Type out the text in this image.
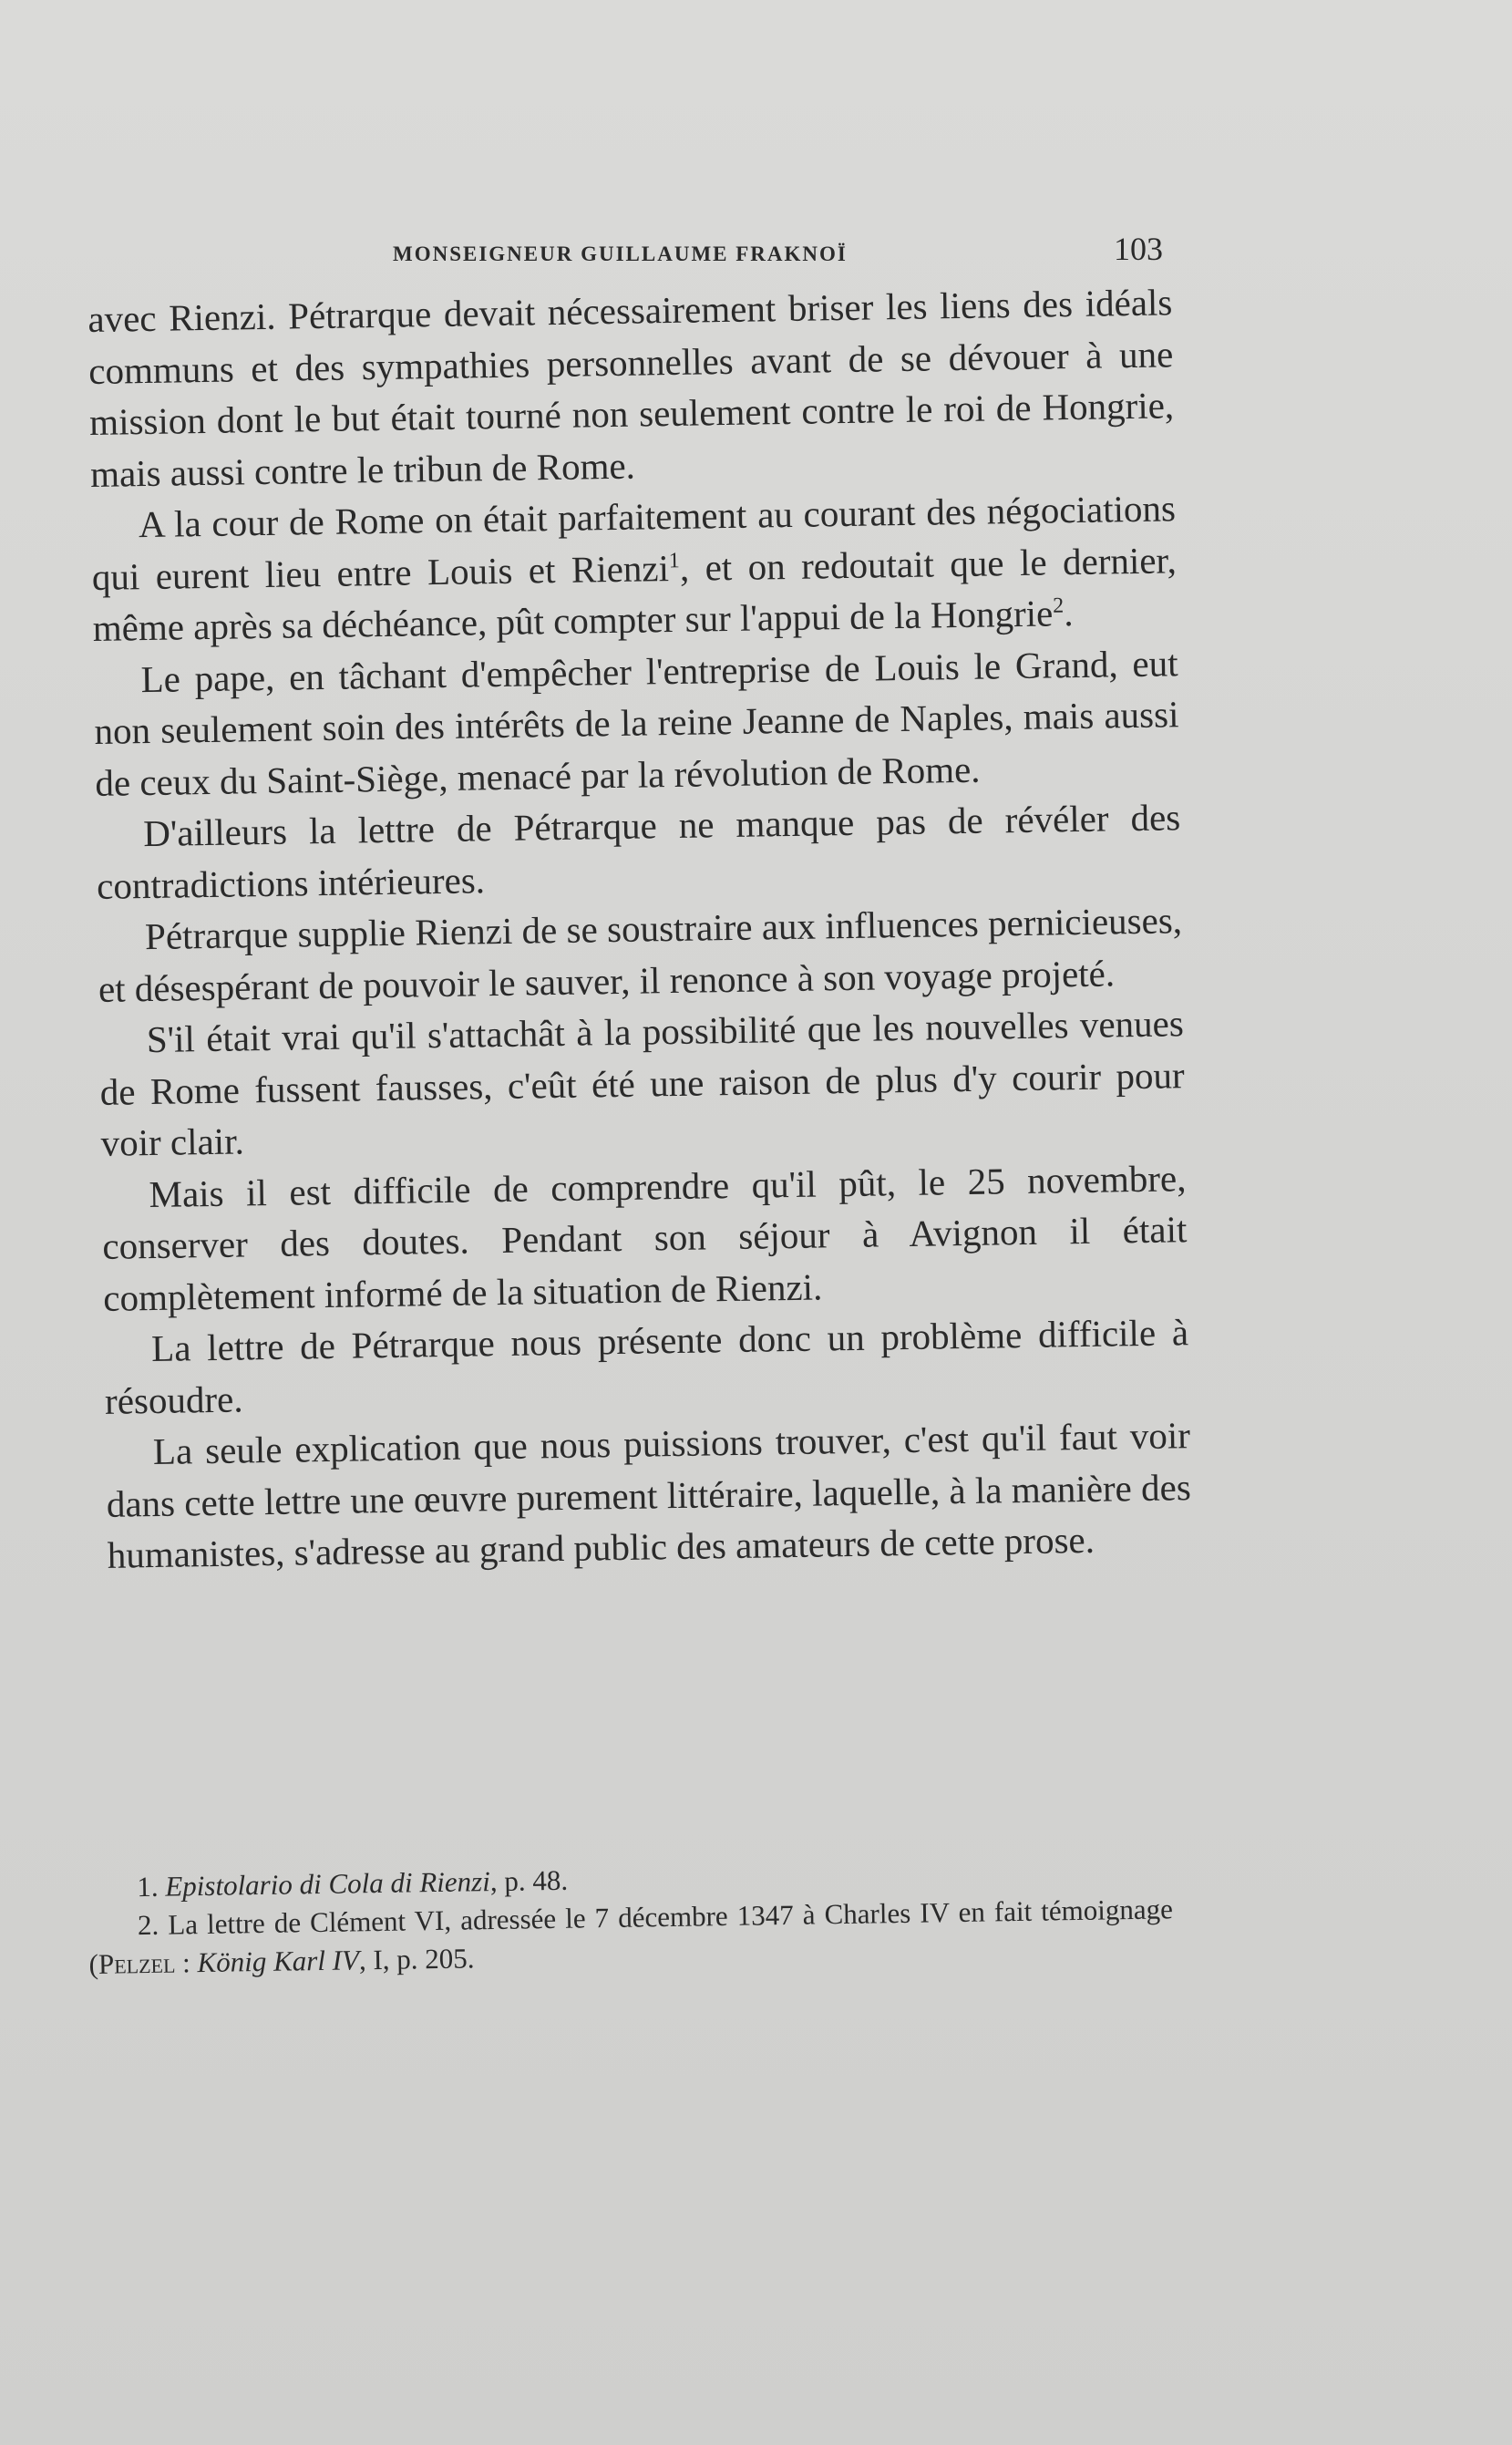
MONSEIGNEUR GUILLAUME FRAKNOÏ	103

avec Rienzi. Pétrarque devait nécessairement briser les liens des idéals communs et des sympathies personnelles avant de se dévouer à une mission dont le but était tourné non seulement contre le roi de Hongrie, mais aussi contre le tribun de Rome.

A la cour de Rome on était parfaitement au courant des négociations qui eurent lieu entre Louis et Rienzi$^1$, et on redoutait que le dernier, même après sa déchéance, pût compter sur l'appui de la Hongrie$^2$.

Le pape, en tâchant d'empêcher l'entreprise de Louis le Grand, eut non seulement soin des intérêts de la reine Jeanne de Naples, mais aussi de ceux du Saint-Siège, menacé par la révolution de Rome.

D'ailleurs la lettre de Pétrarque ne manque pas de révéler des contradictions intérieures.

Pétrarque supplie Rienzi de se soustraire aux influences pernicieuses, et désespérant de pouvoir le sauver, il renonce à son voyage projeté.

S'il était vrai qu'il s'attachât à la possibilité que les nouvelles venues de Rome fussent fausses, c'eût été une raison de plus d'y courir pour voir clair.

Mais il est difficile de comprendre qu'il pût, le 25 novembre, conserver des doutes. Pendant son séjour à Avignon il était complètement informé de la situation de Rienzi.

La lettre de Pétrarque nous présente donc un problème difficile à résoudre.

La seule explication que nous puissions trouver, c'est qu'il faut voir dans cette lettre une œuvre purement littéraire, laquelle, à la manière des humanistes, s'adresse au grand public des amateurs de cette prose.

1. Epistolario di Cola di Rienzi, p. 48.

2. La lettre de Clément VI, adressée le 7 décembre 1347 à Charles IV en fait témoignage (Pelzel : König Karl IV, I, p. 205.
